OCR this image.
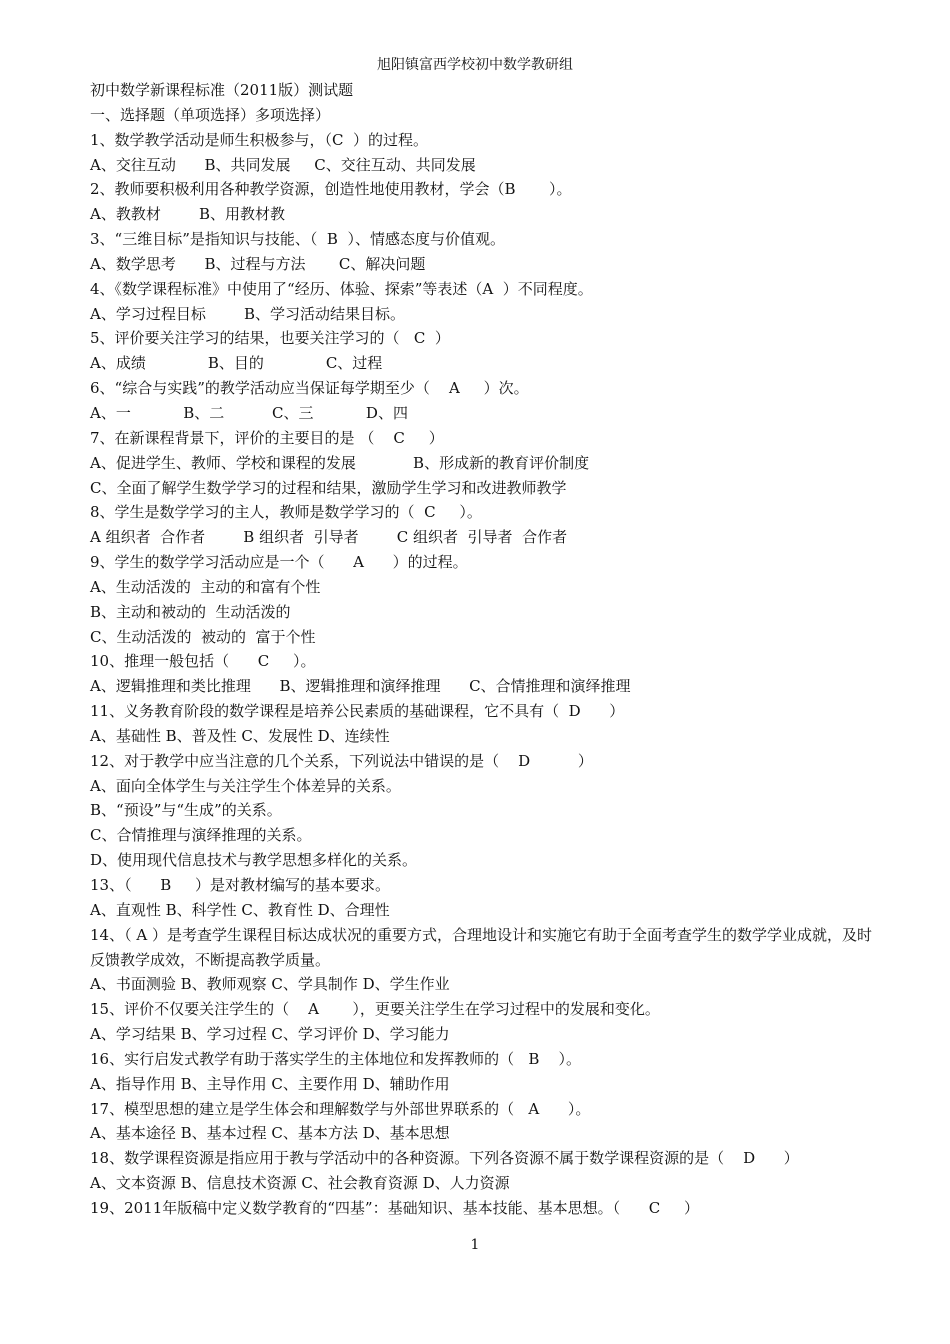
旭阳镇富西学校初中数学教研组
初中数学新课程标准（2011版）测试题
一、选择题（单项选择）多项选择）
1、数学教学活动是师生积极参与，（C  ）的过程。
A、交往互动      B、共同发展     C、交往互动、共同发展
2、教师要积极利用各种教学资源，创造性地使用教材，学会（B       ）。
A、教教材        B、用教材教
3、“三维目标”是指知识与技能、（  B  ）、情感态度与价值观。
A、数学思考      B、过程与方法       C、解决问题
4、《数学课程标准》中使用了“经历、体验、探索”等表述（A  ）不同程度。
A、学习过程目标        B、学习活动结果目标。
5、评价要关注学习的结果，也要关注学习的（   C  ）
A、成绩             B、目的             C、过程
6、“综合与实践”的教学活动应当保证每学期至少（    A     ）次。
A、一           B、二          C、三           D、四
7、在新课程背景下，评价的主要目的是 （    C     ）
A、促进学生、教师、学校和课程的发展            B、形成新的教育评价制度
C、全面了解学生数学学习的过程和结果，激励学生学习和改进教师教学
8、学生是数学学习的主人，教师是数学学习的（  C     ）。
A 组织者  合作者        B 组织者  引导者        C 组织者  引导者  合作者
9、学生的数学学习活动应是一个（      A      ）的过程。
A、生动活泼的  主动的和富有个性
B、主动和被动的  生动活泼的
C、生动活泼的  被动的  富于个性
10、推理一般包括（      C     ）。
A、逻辑推理和类比推理      B、逻辑推理和演绎推理      C、合情推理和演绎推理
11、义务教育阶段的数学课程是培养公民素质的基础课程，它不具有（  D      ）
A、基础性 B、普及性 C、发展性 D、连续性
12、对于教学中应当注意的几个关系，下列说法中错误的是（    D          ）
A、面向全体学生与关注学生个体差异的关系。
B、“预设”与“生成”的关系。
C、合情推理与演绎推理的关系。
D、使用现代信息技术与教学思想多样化的关系。
13、（      B     ）是对教材编写的基本要求。
A、直观性 B、科学性 C、教育性 D、合理性
14、（ A ）是考查学生课程目标达成状况的重要方式，合理地设计和实施它有助于全面考查学生的数学学业成就，及时反馈教学成效，不断提高教学质量。
A、书面测验 B、教师观察 C、学具制作 D、学生作业
15、评价不仅要关注学生的（    A       ），更要关注学生在学习过程中的发展和变化。
A、学习结果 B、学习过程 C、学习评价 D、学习能力
16、实行启发式教学有助于落实学生的主体地位和发挥教师的（   B    ）。
A、指导作用 B、主导作用 C、主要作用 D、辅助作用
17、模型思想的建立是学生体会和理解数学与外部世界联系的（   A      ）。
A、基本途径 B、基本过程 C、基本方法 D、基本思想
18、数学课程资源是指应用于教与学活动中的各种资源。下列各资源不属于数学课程资源的是（    D      ）
A、文本资源 B、信息技术资源 C、社会教育资源 D、人力资源
19、2011年版稿中定义数学教育的“四基”：基础知识、基本技能、基本思想。（      C     ）
1
